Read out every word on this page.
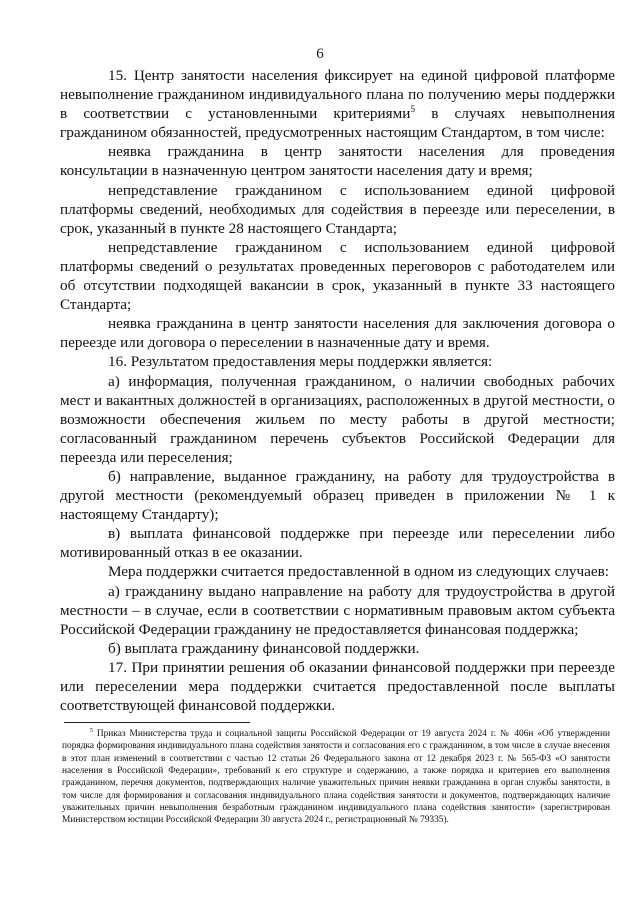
6

15. Центр занятости населения фиксирует на единой цифровой платформе невыполнение гражданином индивидуального плана по получению меры поддержки в соответствии с установленными критериями$^5$ в случаях невыполнения гражданином обязанностей, предусмотренных настоящим Стандартом, в том числе:

неявка гражданина в центр занятости населения для проведения консультации в назначенную центром занятости населения дату и время;

непредставление гражданином с использованием единой цифровой платформы сведений, необходимых для содействия в переезде или переселении, в срок, указанный в пункте 28 настоящего Стандарта;

непредставление гражданином с использованием единой цифровой платформы сведений о результатах проведенных переговоров с работодателем или об отсутствии подходящей вакансии в срок, указанный в пункте 33 настоящего Стандарта;

неявка гражданина в центр занятости населения для заключения договора о переезде или договора о переселении в назначенные дату и время.

16. Результатом предоставления меры поддержки является:

а) информация, полученная гражданином, о наличии свободных рабочих мест и вакантных должностей в организациях, расположенных в другой местности, о возможности обеспечения жильем по месту работы в другой местности; согласованный гражданином перечень субъектов Российской Федерации для переезда или переселения;

б) направление, выданное гражданину, на работу для трудоустройства в другой местности (рекомендуемый образец приведен в приложении № 1 к настоящему Стандарту);

в) выплата финансовой поддержке при переезде или переселении либо мотивированный отказ в ее оказании.

Мера поддержки считается предоставленной в одном из следующих случаев:

а) гражданину выдано направление на работу для трудоустройства в другой местности – в случае, если в соответствии с нормативным правовым актом субъекта Российской Федерации гражданину не предоставляется финансовая поддержка;

б) выплата гражданину финансовой поддержки.

17. При принятии решения об оказании финансовой поддержки при переезде или переселении мера поддержки считается предоставленной после выплаты соответствующей финансовой поддержки.

$^5$ Приказ Министерства труда и социальной защиты Российской Федерации от 19 августа 2024 г. № 406н «Об утверждении порядка формирования индивидуального плана содействия занятости и согласования его с гражданином, в том числе в случае внесения в этот план изменений в соответствии с частью 12 статьи 26 Федерального закона от 12 декабря 2023 г. № 565-ФЗ «О занятости населения в Российской Федерации», требований к его структуре и содержанию, а также порядка и критериев его выполнения гражданином, перечня документов, подтверждающих наличие уважительных причин неявки гражданина в орган службы занятости, в том числе для формирования и согласования индивидуального плана содействия занятости и документов, подтверждающих наличие уважительных причин невыполнения безработным гражданином индивидуального плана содействия занятости» (зарегистрирован Министерством юстиции Российской Федерации 30 августа 2024 г., регистрационный № 79335).
